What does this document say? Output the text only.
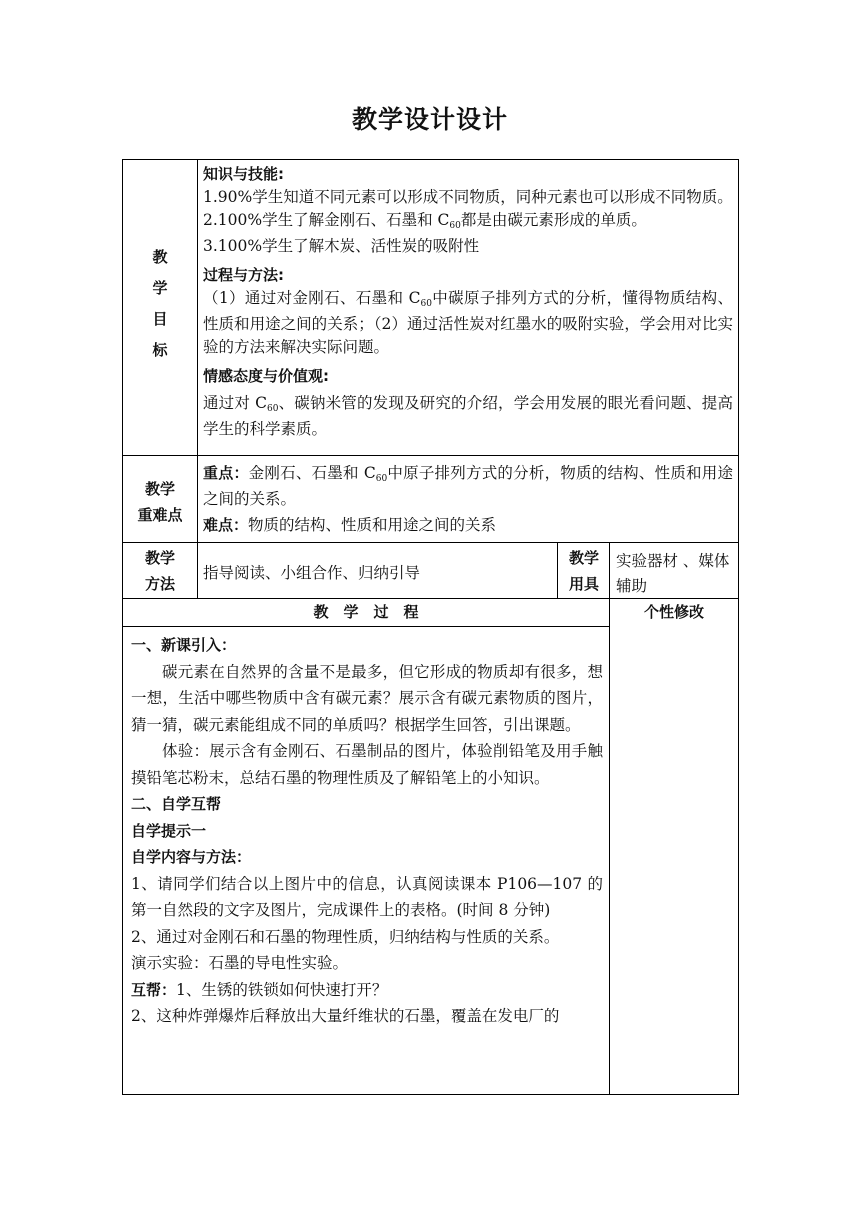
教学设计设计
教
学
目
标

知识与技能:

1.90%学生知道不同元素可以形成不同物质，同种元素也可以形成不同物质。

2.100%学生了解金刚石、石墨和 $C_{60}$都是由碳元素形成的单质。

3.100%学生了解木炭、活性炭的吸附性

过程与方法:

（1）通过对金刚石、石墨和 $C_{60}$中碳原子排列方式的分析，懂得物质结构、性质和用途之间的关系；（2）通过活性炭对红墨水的吸附实验，学会用对比实验的方法来解决实际问题。

情感态度与价值观:

通过对 $C_{60}$、碳钠米管的发现及研究的介绍，学会用发展的眼光看问题、提高学生的科学素质。

教学
重难点

重点：金刚石、石墨和 $C_{60}$中原子排列方式的分析，物质的结构、性质和用途之间的关系。

难点：物质的结构、性质和用途之间的关系

教学
方法
指导阅读、小组合作、归纳引导
教学
用具
实验器材 、媒体辅助
教　学　过　程	个性修改

一、新课引入：

碳元素在自然界的含量不是最多，但它形成的物质却有很多，想一想，生活中哪些物质中含有碳元素？展示含有碳元素物质的图片，猜一猜，碳元素能组成不同的单质吗？根据学生回答，引出课题。

体验：展示含有金刚石、石墨制品的图片，体验削铅笔及用手触摸铅笔芯粉末，总结石墨的物理性质及了解铅笔上的小知识。

二、自学互帮

自学提示一

自学内容与方法：

1、请同学们结合以上图片中的信息，认真阅读课本 P106—107 的第一自然段的文字及图片，完成课件上的表格。(时间 8 分钟)

2、通过对金刚石和石墨的物理性质，归纳结构与性质的关系。

演示实验：石墨的导电性实验。

互帮：1、生锈的铁锁如何快速打开？

2、这种炸弹爆炸后释放出大量纤维状的石墨，覆盖在发电厂的
